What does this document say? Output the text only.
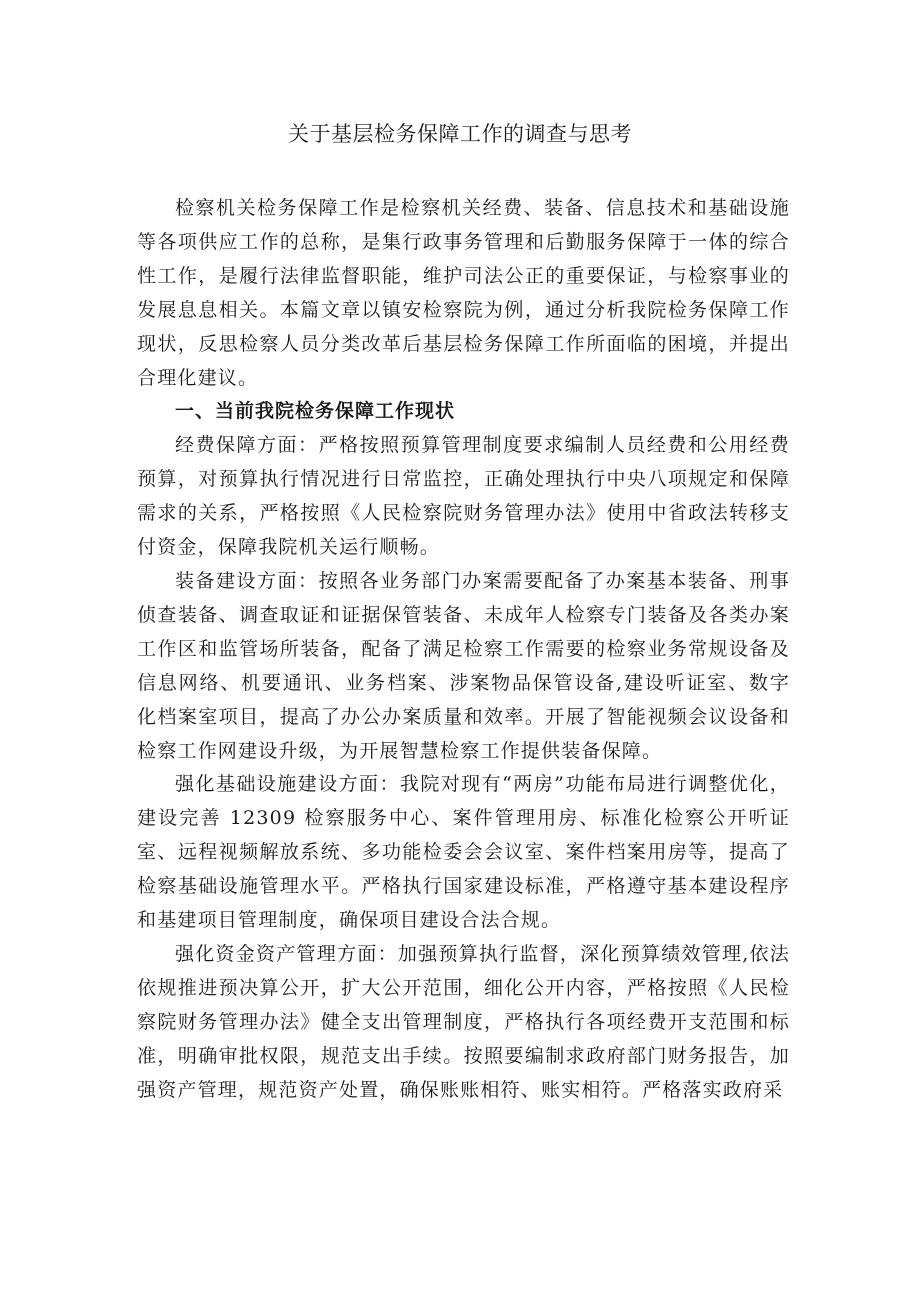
关于基层检务保障工作的调查与思考

检察机关检务保障工作是检察机关经费、装备、信息技术和基础设施等各项供应工作的总称，是集行政事务管理和后勤服务保障于一体的综合性工作，是履行法律监督职能，维护司法公正的重要保证，与检察事业的发展息息相关。本篇文章以镇安检察院为例，通过分析我院检务保障工作现状，反思检察人员分类改革后基层检务保障工作所面临的困境，并提出合理化建议。

一、当前我院检务保障工作现状

经费保障方面：严格按照预算管理制度要求编制人员经费和公用经费预算，对预算执行情况进行日常监控，正确处理执行中央八项规定和保障需求的关系，严格按照《人民检察院财务管理办法》使用中省政法转移支付资金，保障我院机关运行顺畅。

装备建设方面：按照各业务部门办案需要配备了办案基本装备、刑事侦查装备、调查取证和证据保管装备、未成年人检察专门装备及各类办案工作区和监管场所装备，配备了满足检察工作需要的检察业务常规设备及信息网络、机要通讯、业务档案、涉案物品保管设备,建设听证室、数字化档案室项目，提高了办公办案质量和效率。开展了智能视频会议设备和检察工作网建设升级，为开展智慧检察工作提供装备保障。

强化基础设施建设方面：我院对现有“两房”功能布局进行调整优化，建设完善 12309 检察服务中心、案件管理用房、标准化检察公开听证室、远程视频解放系统、多功能检委会会议室、案件档案用房等，提高了检察基础设施管理水平。严格执行国家建设标准，严格遵守基本建设程序和基建项目管理制度，确保项目建设合法合规。

强化资金资产管理方面：加强预算执行监督，深化预算绩效管理,依法依规推进预决算公开，扩大公开范围，细化公开内容，严格按照《人民检察院财务管理办法》健全支出管理制度，严格执行各项经费开支范围和标准，明确审批权限，规范支出手续。按照要编制求政府部门财务报告，加强资产管理，规范资产处置，确保账账相符、账实相符。严格落实政府采
